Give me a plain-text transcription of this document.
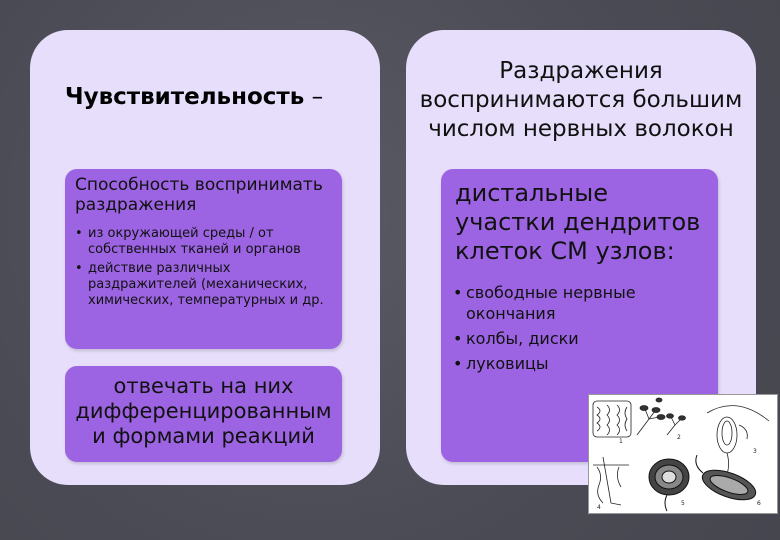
Чувствительность –
Способность воспринимать раздражения
• из окружающей среды / от собственных тканей и органов
• действие различных раздражителей (механических, химических, температурных и др.
отвечать на них дифференцированным и формами реакций
Раздражения воспринимаются большим числом нервных волокон
дистальные участки дендритов клеток СМ узлов:
• свободные нервные окончания
• колбы, диски
• луковицы
1
2
3
4
5	6
